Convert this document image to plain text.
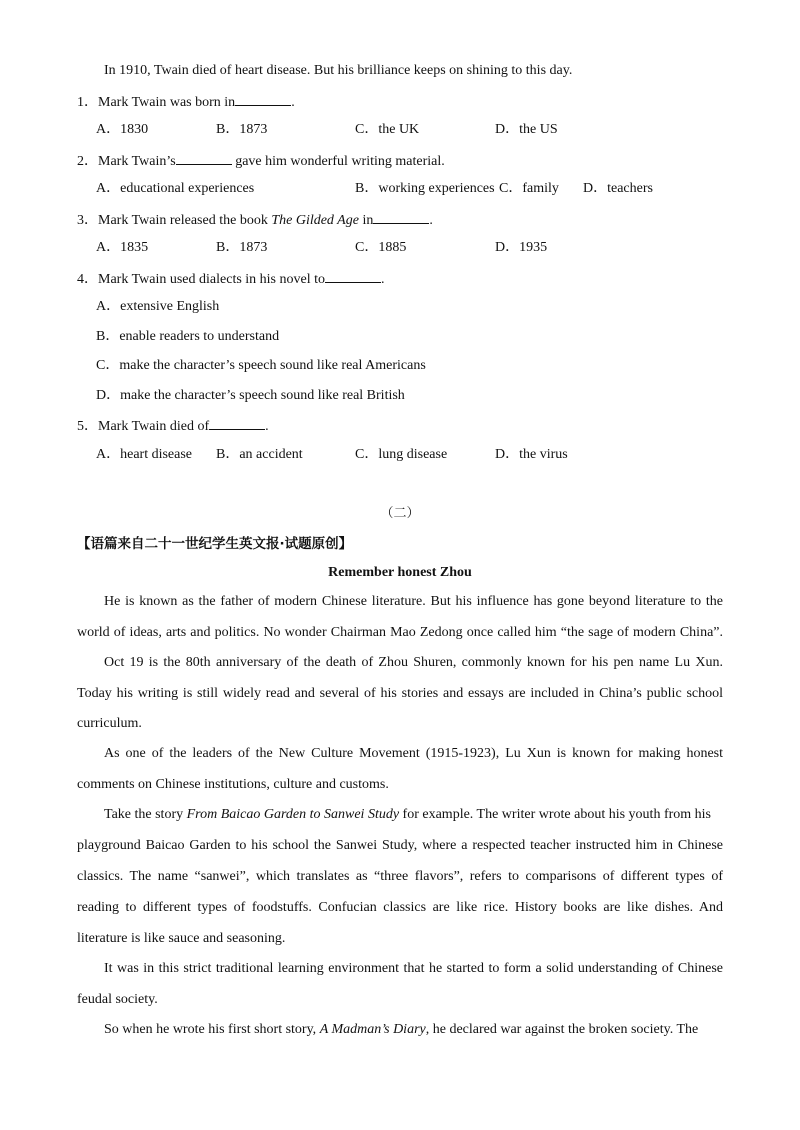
In 1910, Twain died of heart disease. But his brilliance keeps on shining to this day.
1．Mark Twain was born in	.
A．1830	B．1873	C．the UK	D．the US
2．Mark Twain’s	gave him wonderful writing material.
A．educational experiences	B．working experiences C．family D．teachers
3．Mark Twain released the book The Gilded Age in	.
A．1835	B．1873	C．1885	D．1935
4．Mark Twain used dialects in his novel to	.
A．extensive English
B．enable readers to understand
C．make the character’s speech sound like real Americans
D．make the character’s speech sound like real British
5．Mark Twain died of	.
A．heart disease B．an accident	C．lung disease	D．the virus
（二）
【语篇来自二十一世纪学生英文报·试题原创】
Remember honest Zhou
He is known as the father of modern Chinese literature. But his influence has gone beyond literature to the
world of ideas, arts and politics. No wonder Chairman Mao Zedong once called him “the sage of modern China”.
Oct 19 is the 80th anniversary of the death of Zhou Shuren, commonly known for his pen name Lu Xun.
Today his writing is still widely read and several of his stories and essays are included in China’s public school
curriculum.
As one of the leaders of the New Culture Movement (1915-1923), Lu Xun is known for making honest
comments on Chinese institutions, culture and customs.
Take the story From Baicao Garden to Sanwei Study for example. The writer wrote about his youth from his
playground Baicao Garden to his school the Sanwei Study, where a respected teacher instructed him in Chinese
classics. The name “sanwei”, which translates as “three flavors”, refers to comparisons of different types of
reading to different types of foodstuffs. Confucian classics are like rice. History books are like dishes. And
literature is like sauce and seasoning.
It was in this strict traditional learning environment that he started to form a solid understanding of Chinese
feudal society.
So when he wrote his first short story, A Madman’s Diary, he declared war against the broken society. The
